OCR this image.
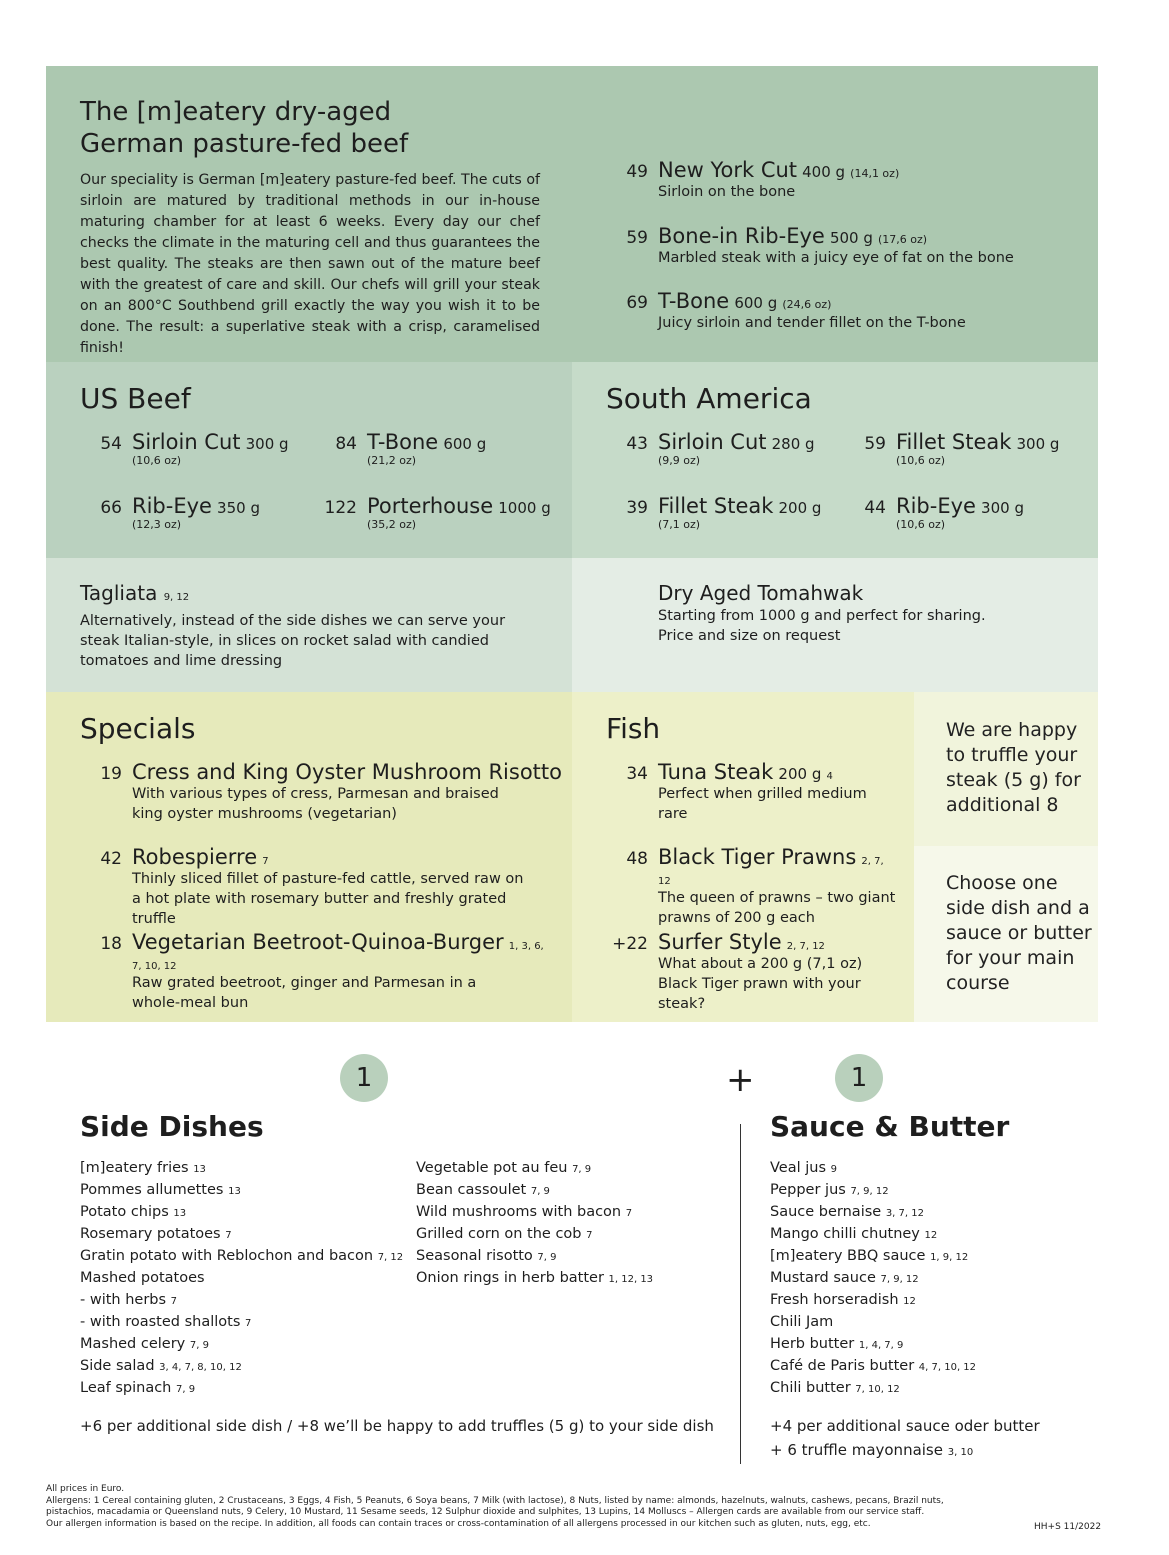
The [m]eatery dry-aged
German pasture-fed beef

Our speciality is German [m]eatery pasture-fed beef. The cuts of sirloin are matured by traditional methods in our in-house maturing chamber for at least 6 weeks. Every day our chef checks the climate in the maturing cell and thus guarantees the best quality. The steaks are then sawn out of the mature beef with the greatest of care and skill. Our chefs will grill your steak on an 800°C Southbend grill exactly the way you wish it to be done. The result: a superlative steak with a crisp, caramelised finish!

49 New York Cut 400 g (14,1 oz)
Sirloin on the bone
59 Bone-in Rib-Eye 500 g (17,6 oz)
Marbled steak with a juicy eye of fat on the bone
69 T-Bone 600 g (24,6 oz)
Juicy sirloin and tender fillet on the T-bone
US Beef
54 Sirloin Cut 300 g
(10,6 oz)
84 T-Bone 600 g
(21,2 oz)
66 Rib-Eye 350 g
(12,3 oz)
122 Porterhouse 1000 g
(35,2 oz)
South America
43 Sirloin Cut 280 g
(9,9 oz)
59 Fillet Steak 300 g
(10,6 oz)
39 Fillet Steak 200 g
(7,1 oz)
44 Rib-Eye 300 g
(10,6 oz)
Tagliata 9, 12
Alternatively, instead of the side dishes we can serve your steak Italian-style, in slices on rocket salad with candied tomatoes and lime dressing
Dry Aged Tomahwak
Starting from 1000 g and perfect for sharing.
Price and size on request
Specials
19 Cress and King Oyster Mushroom Risotto
With various types of cress, Parmesan and braised king oyster mushrooms (vegetarian)
42 Robespierre 7
Thinly sliced fillet of pasture-fed cattle, served raw on a hot plate with rosemary butter and freshly grated truffle
18 Vegetarian Beetroot-Quinoa-Burger 1, 3, 6, 7, 10, 12
Raw grated beetroot, ginger and Parmesan in a whole-meal bun
Fish
34 Tuna Steak 200 g 4
Perfect when grilled medium rare
48 Black Tiger Prawns 2, 7, 12
The queen of prawns – two giant prawns of 200 g each
+22 Surfer Style 2, 7, 12
What about a 200 g (7,1 oz) Black Tiger prawn with your steak?
We are happy to truffle your steak (5 g) for additional 8
Choose one side dish and a sauce or butter for your main course
1	+	1
Side Dishes
[m]eatery fries 13
Pommes allumettes 13
Potato chips 13
Rosemary potatoes 7
Gratin potato with Reblochon and bacon 7, 12
Mashed potatoes
- with herbs 7
- with roasted shallots 7
Mashed celery 7, 9
Side salad 3, 4, 7, 8, 10, 12
Leaf spinach 7, 9
Vegetable pot au feu 7, 9
Bean cassoulet 7, 9
Wild mushrooms with bacon 7
Grilled corn on the cob 7
Seasonal risotto 7, 9
Onion rings in herb batter 1, 12, 13
+6 per additional side dish / +8 we’ll be happy to add truffles (5 g) to your side dish
Sauce & Butter
Veal jus 9
Pepper jus 7, 9, 12
Sauce bernaise 3, 7, 12
Mango chilli chutney 12
[m]eatery BBQ sauce 1, 9, 12
Mustard sauce 7, 9, 12
Fresh horseradish 12
Chili Jam
Herb butter 1, 4, 7, 9
Café de Paris butter 4, 7, 10, 12
Chili butter 7, 10, 12
+4 per additional sauce oder butter
+ 6 truffle mayonnaise 3, 10
All prices in Euro.
Allergens: 1 Cereal containing gluten, 2 Crustaceans, 3 Eggs, 4 Fish, 5 Peanuts, 6 Soya beans, 7 Milk (with lactose), 8 Nuts, listed by name: almonds, hazelnuts, walnuts, cashews, pecans, Brazil nuts,
pistachios, macadamia or Queensland nuts, 9 Celery, 10 Mustard, 11 Sesame seeds, 12 Sulphur dioxide and sulphites, 13 Lupins, 14 Molluscs – Allergen cards are available from our service staff.
Our allergen information is based on the recipe. In addition, all foods can contain traces or cross-contamination of all allergens processed in our kitchen such as gluten, nuts, egg, etc.	HH+S 11/2022
